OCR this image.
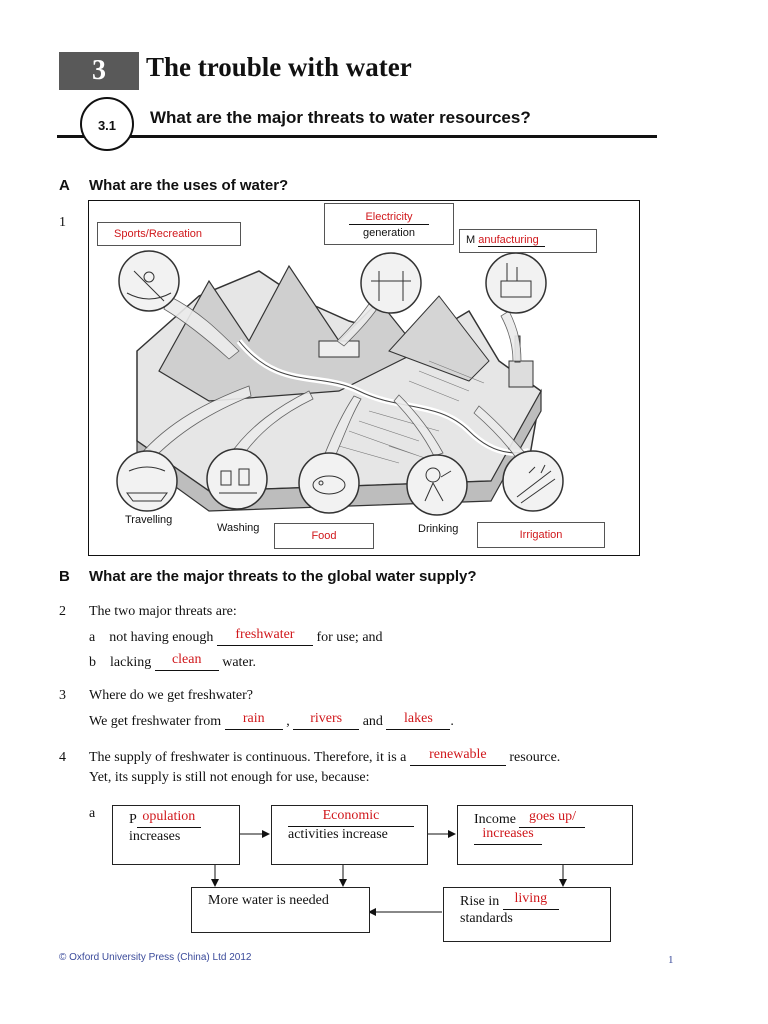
3	The trouble with water
3.1	What are the major threats to water resources?
A What are the uses of water?
1
Sports/Recreation
Electricity
generation
M anufacturing
Travelling
Washing
Food
Drinking	Irrigation
B What are the major threats to the global water supply?
2 The two major threats are:
a not having enough freshwater for use; and
b lacking clean water.
3 Where do we get freshwater?
We get freshwater from rain , rivers and lakes .
4 The supply of freshwater is continuous. Therefore, it is a renewable resource.
Yet, its supply is still not enough for use, because:
a P opulation
increases
Economic
activities increase
Income goes up/
increases
More water is needed	Rise in living
standards
© Oxford University Press (China) Ltd 2012	1
